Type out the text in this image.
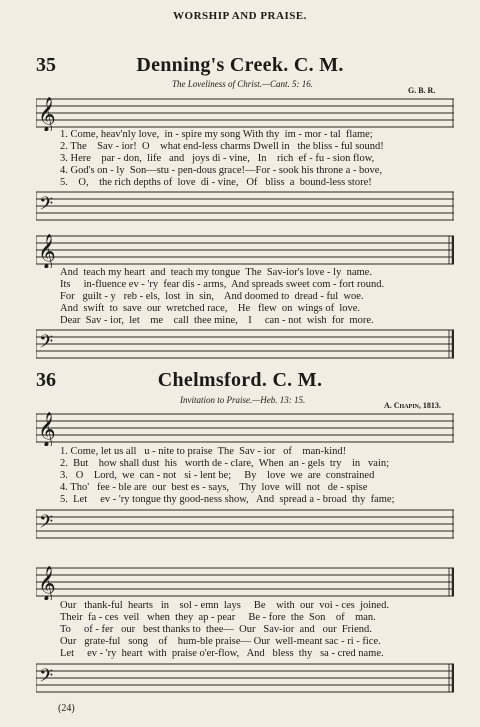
WORSHIP AND PRAISE.
35	Denning's Creek. C. M.
The Loveliness of Christ.—Cant. 5: 16.
G. B. R.
𝄞
1. Come, heav'nly love,  in - spire my song With thy  im - mor - tal  flame;
2. The    Sav - ior!  O    what end-less charms Dwell in   the bliss - ful sound!
3. Here    par - don,  life   and   joys di - vine,   In    rich  ef - fu - sion flow,
4. God's on - ly  Son—stu - pen-dous grace!—For - sook his throne a - bove,
5.    O,    the rich depths of  love  di - vine,   Of   bliss  a  bound-less store!
𝄢
𝄞
And  teach my heart  and  teach my tongue  The  Sav-ior's love - ly  name.
Its     in-fluence ev - 'ry  fear dis - arms,  And spreads sweet com - fort round.
For   guilt - y   reb - els,  lost  in  sin,    And doomed to  dread - ful  woe.
And  swift  to  save  our  wretched race,    He   flew  on  wings of  love.
Dear  Sav - ior,  let    me    call  thee mine,    I     can - not  wish  for  more.
𝄢
36	Chelmsford. C. M.
Invitation to Praise.—Heb. 13: 15.
A. Chapin, 1813.
𝄞
1. Come, let us all   u - nite to praise  The  Sav - ior   of    man-kind!
2.  But    how shall dust  his   worth de - clare,  When  an - gels  try    in   vain;
3.   O    Lord,  we  can - not   si - lent be;     By    love  we  are  constrained
4. Tho'   fee - ble are  our  best es - says,    Thy  love  will  not   de - spise
5.  Let     ev - 'ry tongue thy good-ness show,   And  spread a - broad  thy  fame;
𝄢
𝄞
Our   thank-ful  hearts   in    sol - emn  lays     Be    with  our  voi - ces  joined.
Their  fa - ces  veil   when  they  ap - pear     Be - fore  the  Son    of    man.
To     of - fer   our   best thanks to  thee—  Our   Sav-ior  and   our  Friend.
Our   grate-ful   song    of    hum-ble praise— Our  well-meant sac - ri - fice.
Let     ev - 'ry  heart  with  praise o'er-flow,   And   bless  thy   sa - cred name.
𝄢
(24)
